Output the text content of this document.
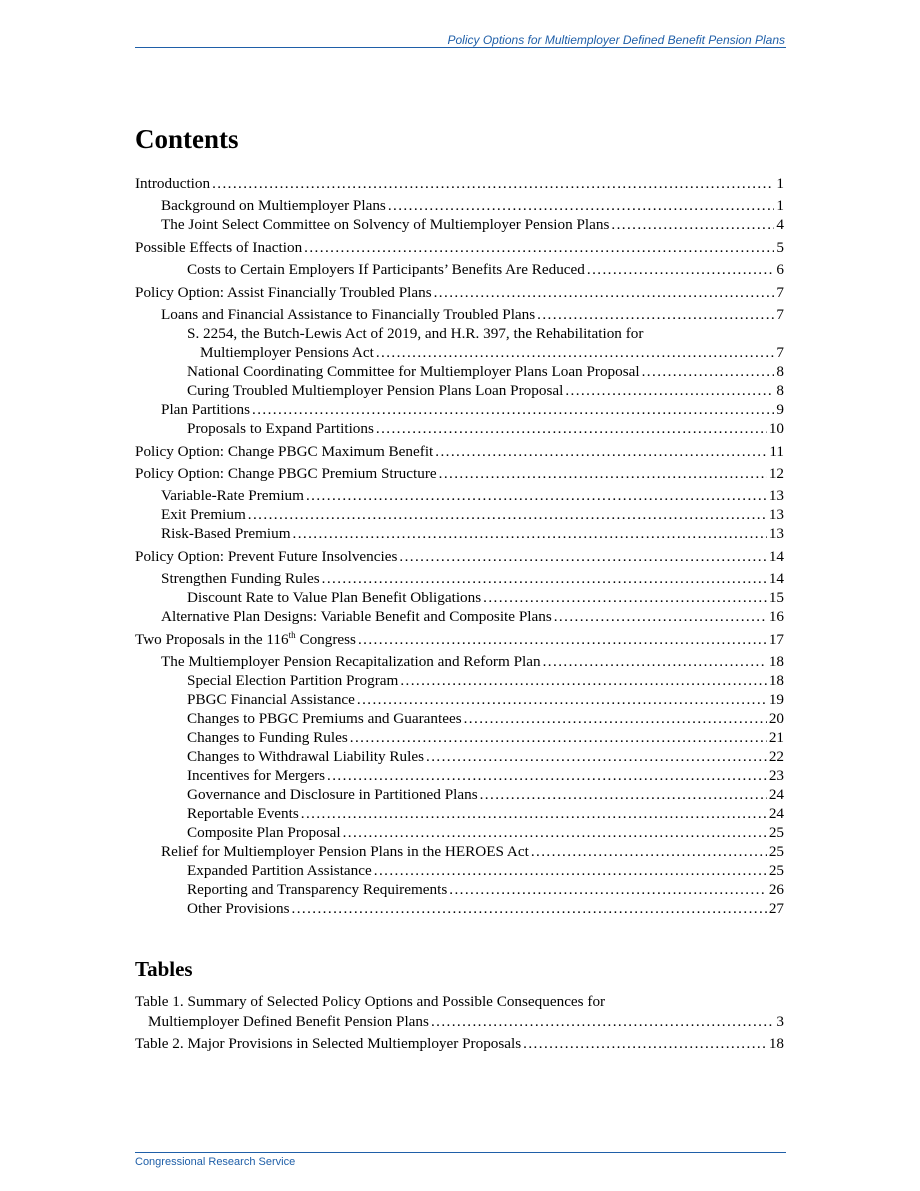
Policy Options for Multiemployer Defined Benefit Pension Plans
Contents
Introduction . . .	1
Background on Multiemployer Plans . . .	1
The Joint Select Committee on Solvency of Multiemployer Pension Plans . . .	4
Possible Effects of Inaction . . .	5
Costs to Certain Employers If Participants’ Benefits Are Reduced . . .	6
Policy Option: Assist Financially Troubled Plans . . .	7
Loans and Financial Assistance to Financially Troubled Plans . . .	7
S. 2254, the Butch-Lewis Act of 2019, and H.R. 397, the Rehabilitation for
Multiemployer Pensions Act . . .	7
National Coordinating Committee for Multiemployer Plans Loan Proposal . . .	8
Curing Troubled Multiemployer Pension Plans Loan Proposal . . .	8
Plan Partitions . . .	9
Proposals to Expand Partitions . . .	10
Policy Option: Change PBGC Maximum Benefit . . .	11
Policy Option: Change PBGC Premium Structure . . .	12
Variable-Rate Premium . . .	13
Exit Premium . . .	13
Risk-Based Premium . . .	13
Policy Option: Prevent Future Insolvencies . . .	14
Strengthen Funding Rules . . .	14
Discount Rate to Value Plan Benefit Obligations . . .	15
Alternative Plan Designs: Variable Benefit and Composite Plans . . .	16
Two Proposals in the 116th Congress . . .	17
The Multiemployer Pension Recapitalization and Reform Plan . . .	18
Special Election Partition Program . . .	18
PBGC Financial Assistance . . .	19
Changes to PBGC Premiums and Guarantees . . .	20
Changes to Funding Rules . . .	21
Changes to Withdrawal Liability Rules . . .	22
Incentives for Mergers . . .	23
Governance and Disclosure in Partitioned Plans . . .	24
Reportable Events . . .	24
Composite Plan Proposal . . .	25
Relief for Multiemployer Pension Plans in the HEROES Act . . .	25
Expanded Partition Assistance . . .	25
Reporting and Transparency Requirements . . .	26
Other Provisions . . .	27
Tables
Table 1. Summary of Selected Policy Options and Possible Consequences for
Multiemployer Defined Benefit Pension Plans . . .	3
Table 2. Major Provisions in Selected Multiemployer Proposals . . .	18
Congressional Research Service
